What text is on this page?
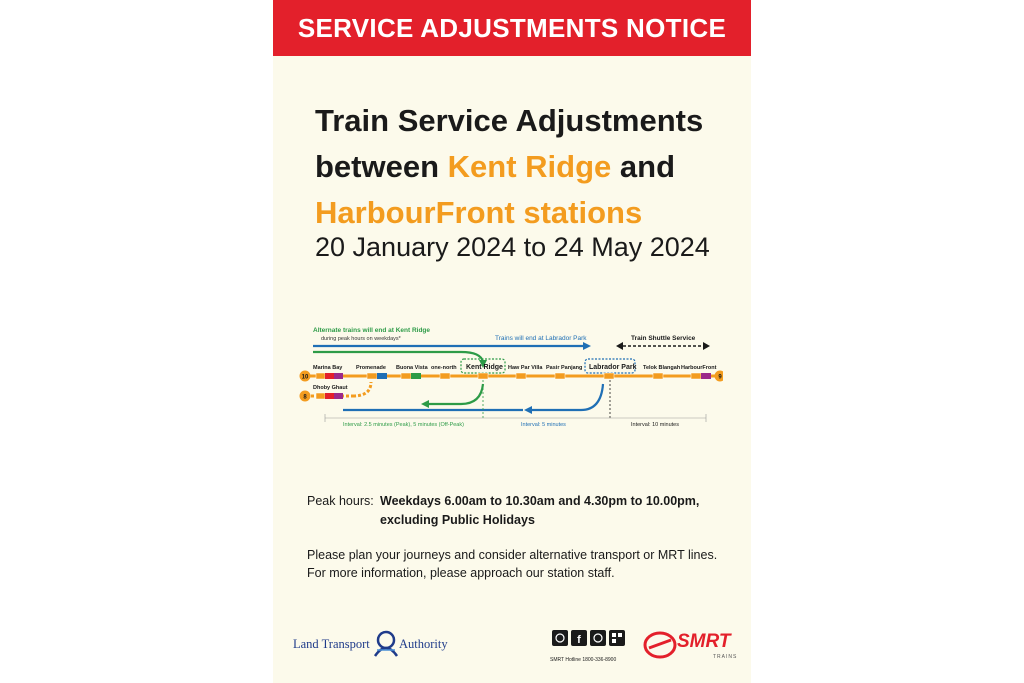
SERVICE ADJUSTMENTS NOTICE
Train Service Adjustments
between Kent Ridge and
HarbourFront stations
20 January 2024 to 24 May 2024
Alternate trains will end at Kent Ridge
during peak hours on weekdays*	Trains will end at Labrador Park	Train Shuttle Service
Marina Bay Promenade Buona Vista one-north Kent Ridge Haw Par Villa Pasir Panjang Labrador Park Telok Blangah HarbourFront
10	9
Dhoby Ghaut
8
Interval: 2.5 minutes (Peak), 5 minutes (Off-Peak)	Interval: 5 minutes	Interval: 10 minutes
Peak hours: Weekdays 6.00am to 10.30am and 4.30pm to 10.00pm,
excluding Public Holidays
Please plan your journeys and consider alternative transport or MRT lines.
For more information, please approach our station staff.
Land Transport Authority	f
SMRT Hotline 1800-336-8900
SMRT
TRAINS
